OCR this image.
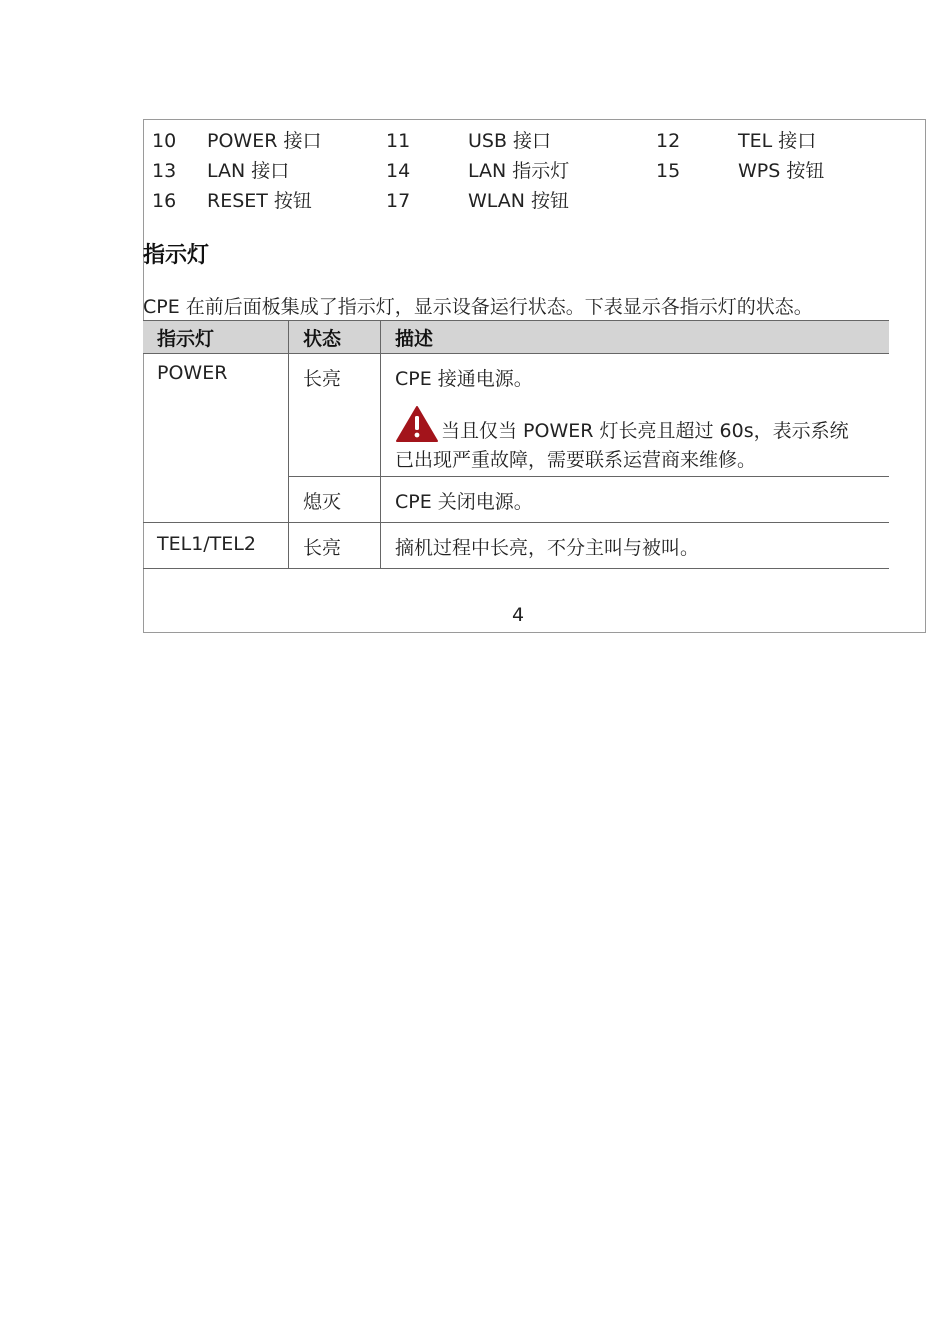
10 POWER 接口	11	USB 接口	12	TEL 接口
13 LAN 接口	14	LAN 指示灯	15	WPS 按钮
16 RESET 按钮	17	WLAN 按钮
指示灯
CPE 在前后面板集成了指示灯，显示设备运行状态。下表显示各指示灯的状态。
指示灯	状态	描述
POWER	长亮	CPE 接通电源。
当且仅当 POWER 灯长亮且超过 60s，表示系统
已出现严重故障，需要联系运营商来维修。

	熄灭	CPE 关闭电源。
TEL1/TEL2	长亮	摘机过程中长亮，不分主叫与被叫。
4
